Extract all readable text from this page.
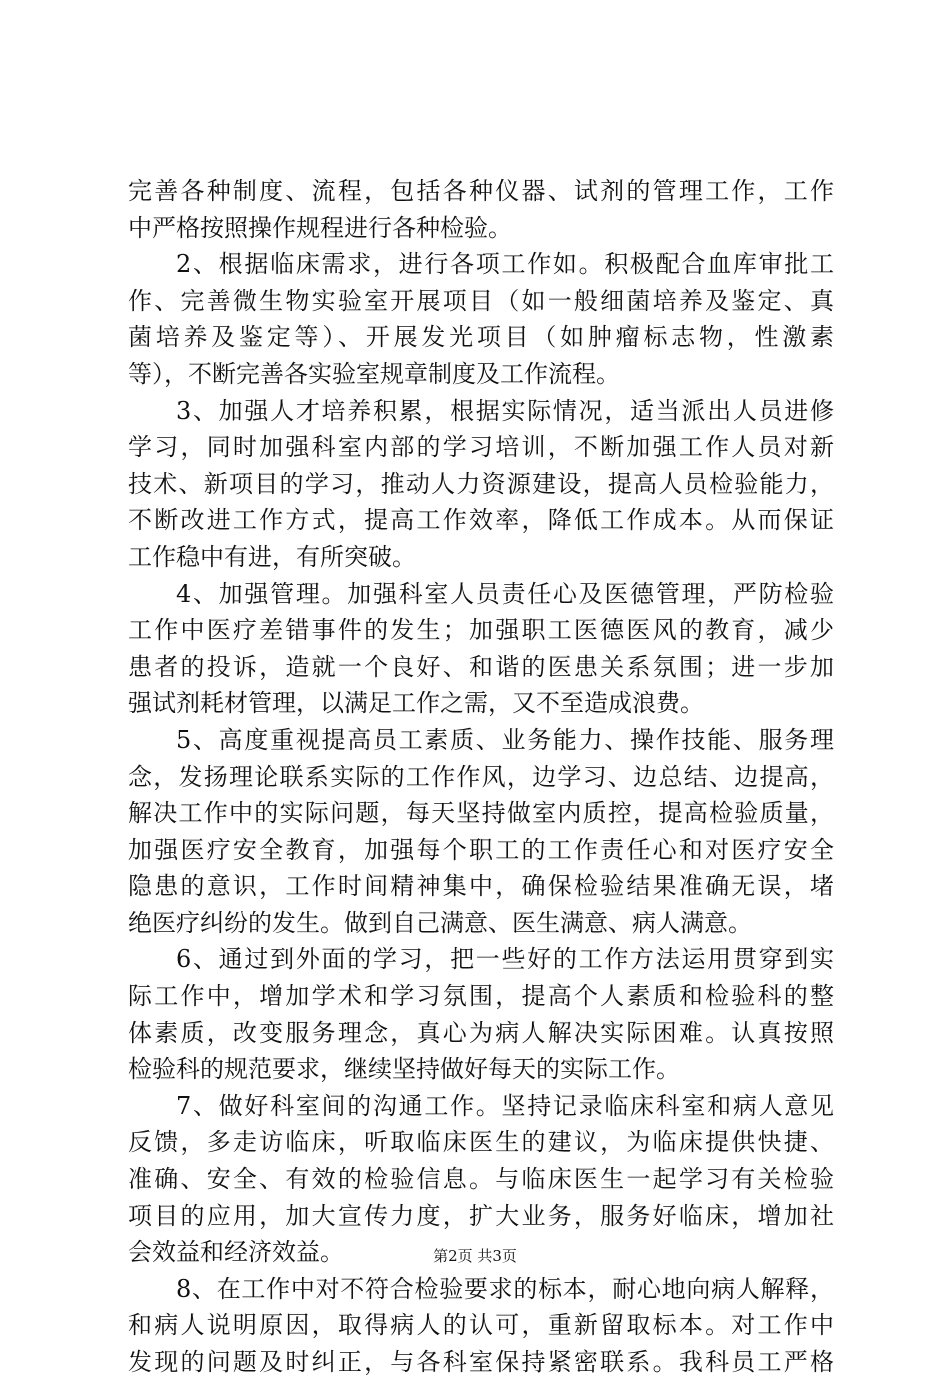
完善各种制度、流程，包括各种仪器、试剂的管理工作，工作
中严格按照操作规程进行各种检验。
2、根据临床需求，进行各项工作如。积极配合血库审批工
作、完善微生物实验室开展项目（如一般细菌培养及鉴定、真
菌培养及鉴定等）、开展发光项目（如肿瘤标志物，性激素
等），不断完善各实验室规章制度及工作流程。
3、加强人才培养积累，根据实际情况，适当派出人员进修
学习，同时加强科室内部的学习培训，不断加强工作人员对新
技术、新项目的学习，推动人力资源建设，提高人员检验能力，
不断改进工作方式，提高工作效率，降低工作成本。从而保证
工作稳中有进，有所突破。
4、加强管理。加强科室人员责任心及医德管理，严防检验
工作中医疗差错事件的发生；加强职工医德医风的教育，减少
患者的投诉，造就一个良好、和谐的医患关系氛围；进一步加
强试剂耗材管理，以满足工作之需，又不至造成浪费。
5、高度重视提高员工素质、业务能力、操作技能、服务理
念，发扬理论联系实际的工作作风，边学习、边总结、边提高，
解决工作中的实际问题，每天坚持做室内质控，提高检验质量，
加强医疗安全教育，加强每个职工的工作责任心和对医疗安全
隐患的意识，工作时间精神集中，确保检验结果准确无误，堵
绝医疗纠纷的发生。做到自己满意、医生满意、病人满意。
6、通过到外面的学习，把一些好的工作方法运用贯穿到实
际工作中，增加学术和学习氛围，提高个人素质和检验科的整
体素质，改变服务理念，真心为病人解决实际困难。认真按照
检验科的规范要求，继续坚持做好每天的实际工作。
7、做好科室间的沟通工作。坚持记录临床科室和病人意见
反馈，多走访临床，听取临床医生的建议，为临床提供快捷、
准确、安全、有效的检验信息。与临床医生一起学习有关检验
项目的应用，加大宣传力度，扩大业务，服务好临床，增加社
会效益和经济效益。
8、在工作中对不符合检验要求的标本，耐心地向病人解释，
和病人说明原因，取得病人的认可，重新留取标本。对工作中
发现的问题及时纠正，与各科室保持紧密联系。我科员工严格
第2页 共3页
